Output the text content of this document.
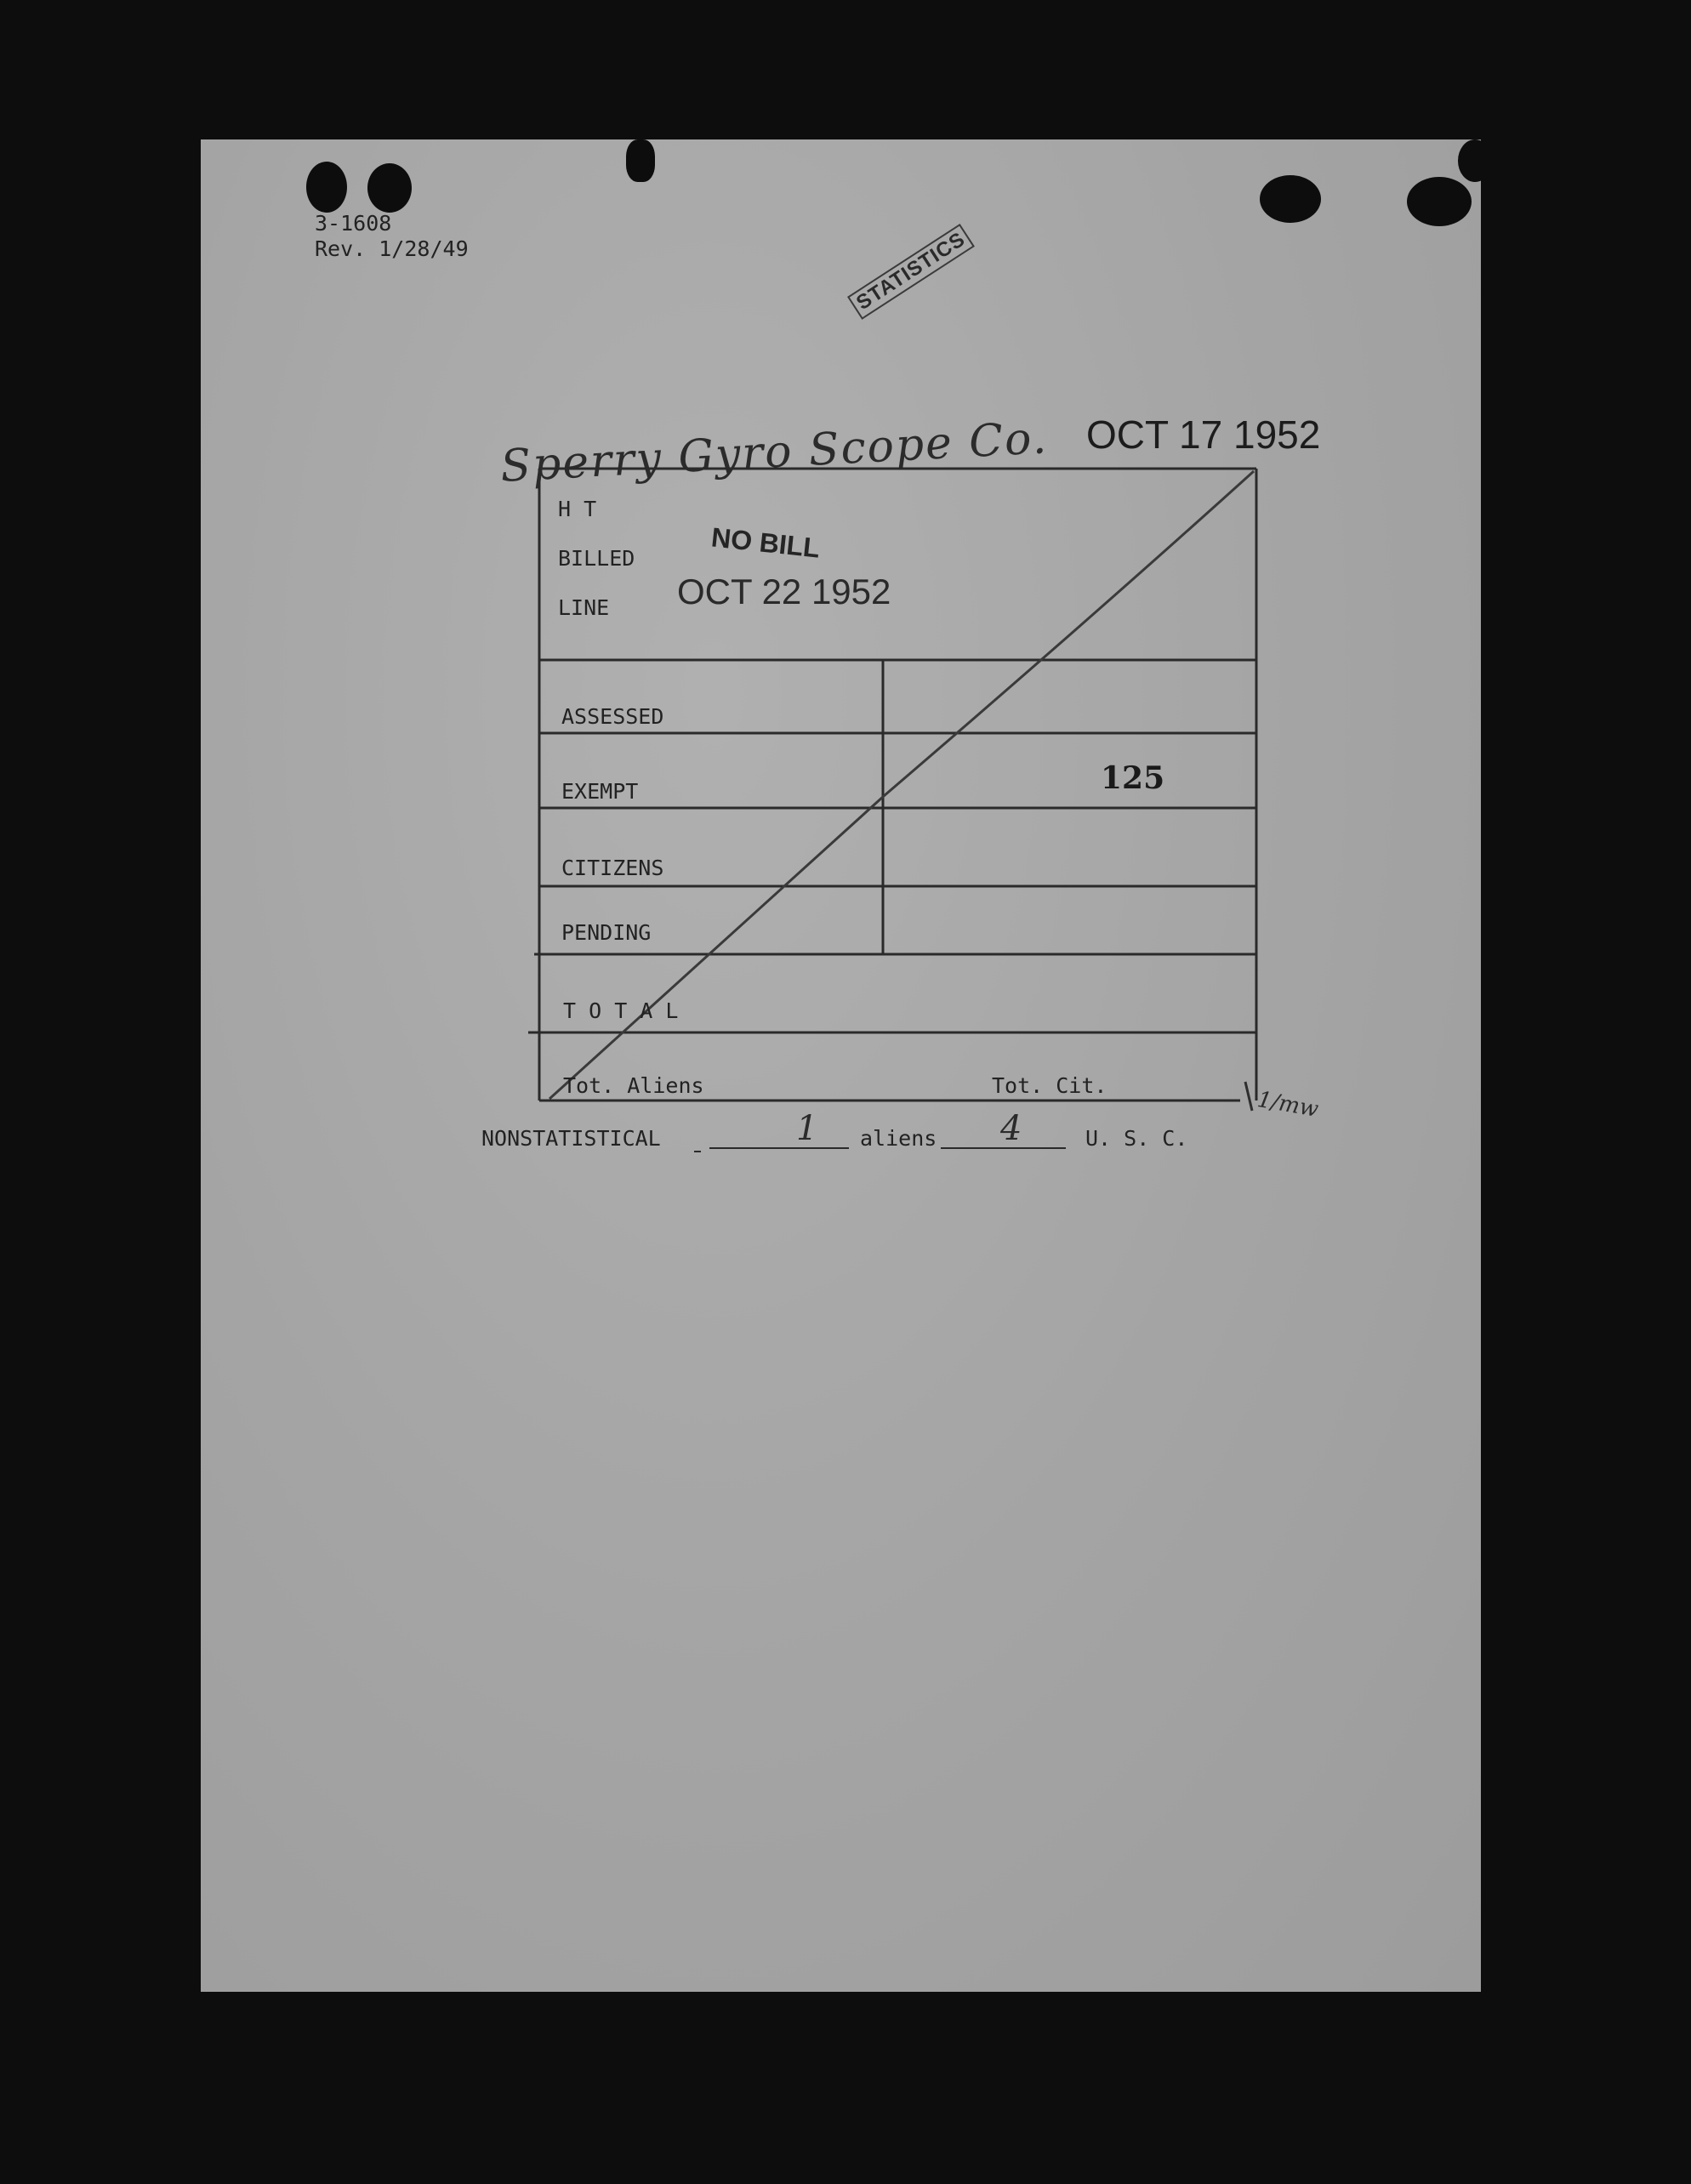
3-1608
Rev. 1/28/49	STATISTICS
Sperry Gyro Scope Co. OCT 17 1952
H T
BILLED
LINE
NO BILL
OCT 22 1952
ASSESSED
EXEMPT	125
CITIZENS
PENDING
T O T A L
Tot. Aliens	Tot. Cit.
NONSTATISTICAL	1 aliens 4	U. S. C.
1/mw
